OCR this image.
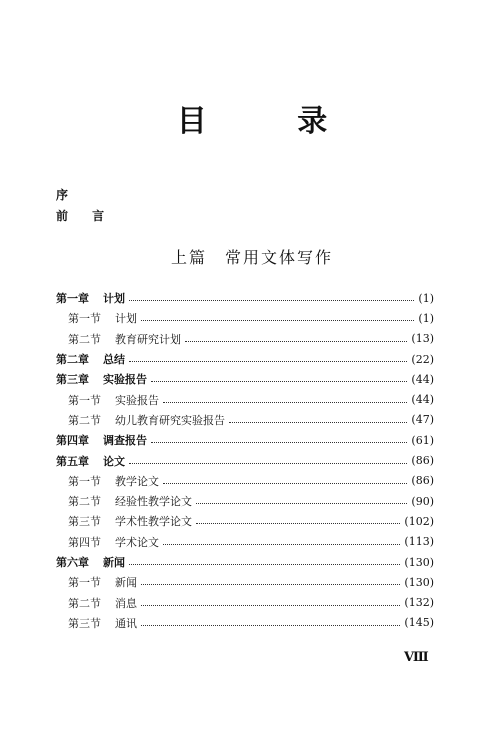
目 录
序
前 言
上篇 常用文体写作
第一章 计划	(1)
第一节 计划	(1)
第二节 教育研究计划	(13)
第二章 总结	(22)
第三章 实验报告	(44)
第一节 实验报告	(44)
第二节 幼儿教育研究实验报告	(47)
第四章 调查报告	(61)
第五章 论文	(86)
第一节 教学论文	(86)
第二节 经验性教学论文	(90)
第三节 学术性教学论文	(102)
第四节 学术论文	(113)
第六章 新闻	(130)
第一节 新闻	(130)
第二节 消息	(132)
第三节 通讯	(145)
Ⅷ
